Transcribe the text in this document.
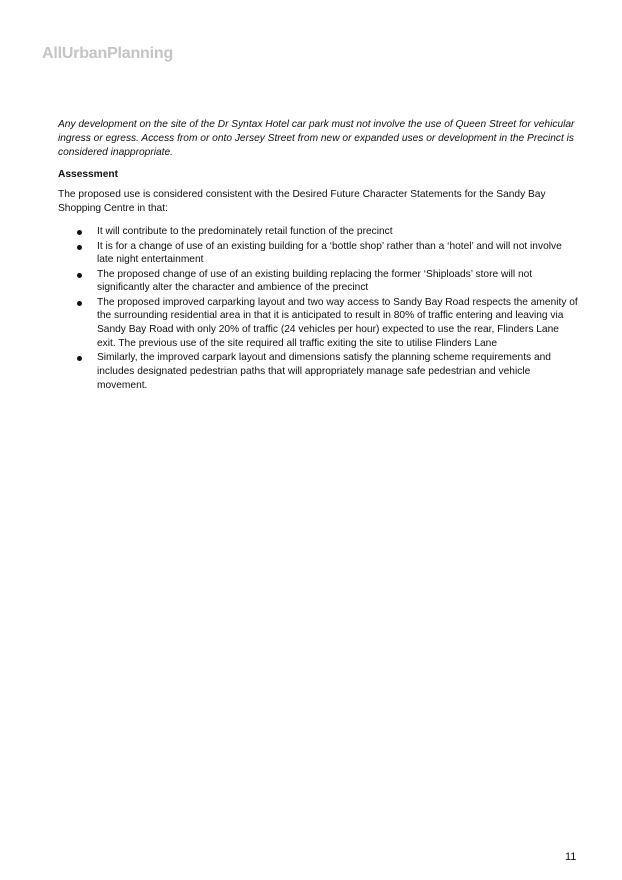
AllUrbanPlanning

Any development on the site of the Dr Syntax Hotel car park must not involve the use of Queen Street for vehicular ingress or egress. Access from or onto Jersey Street from new or expanded uses or development in the Precinct is considered inappropriate.

Assessment

The proposed use is considered consistent with the Desired Future Character Statements for the Sandy Bay Shopping Centre in that:

It will contribute to the predominately retail function of the precinct
It is for a change of use of an existing building for a ‘bottle shop’ rather than a ‘hotel’ and will not involve late night entertainment
The proposed change of use of an existing building replacing the former ‘Shiploads’ store will not significantly alter the character and ambience of the precinct
The proposed improved carparking layout and two way access to Sandy Bay Road respects the amenity of the surrounding residential area in that it is anticipated to result in 80% of traffic entering and leaving via Sandy Bay Road with only 20% of traffic (24 vehicles per hour) expected to use the rear, Flinders Lane exit. The previous use of the site required all traffic exiting the site to utilise Flinders Lane
Similarly, the improved carpark layout and dimensions satisfy the planning scheme requirements and includes designated pedestrian paths that will appropriately manage safe pedestrian and vehicle movement.
11
